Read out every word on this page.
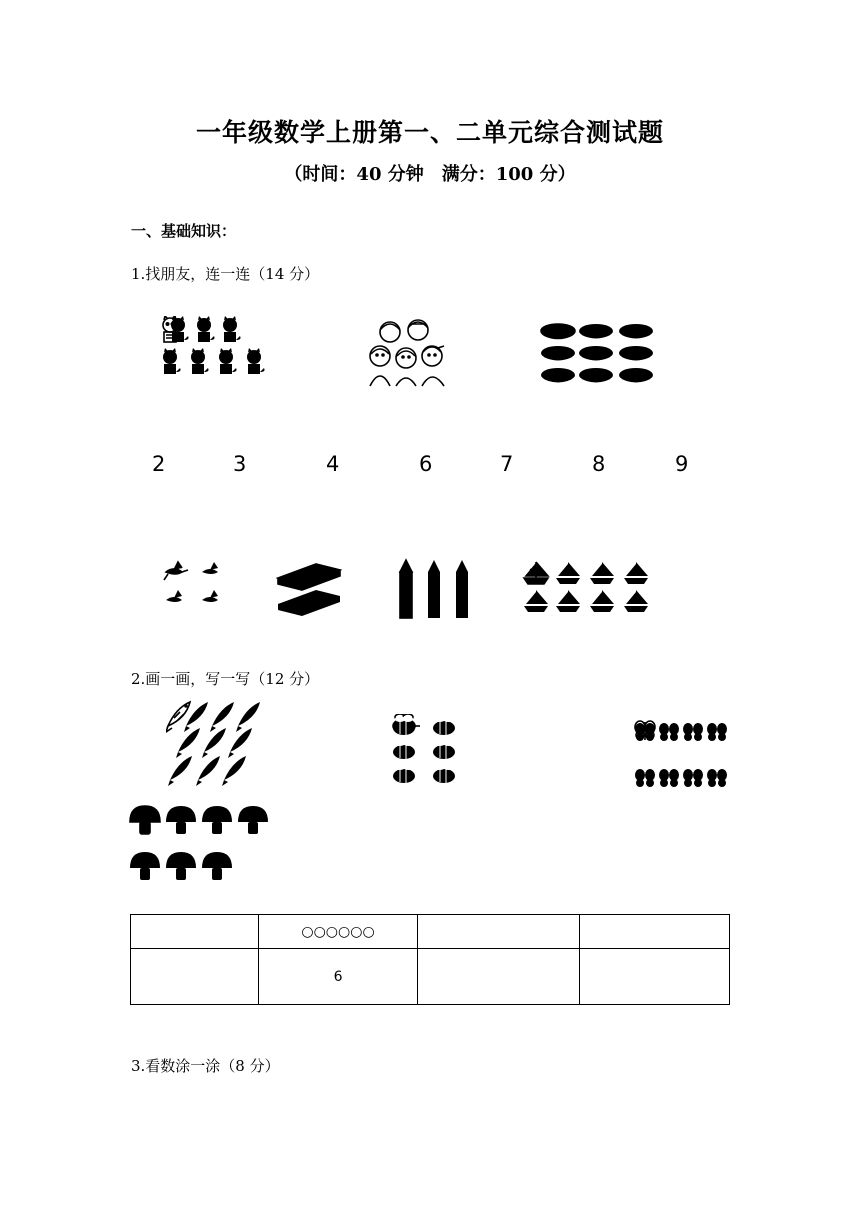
一年级数学上册第一、二单元综合测试题
（时间：40 分钟　满分：100 分）
一、基础知识：
1.找朋友，连一连（14 分）
2	3	4	6	7	8	9
2.画一画，写一写（12 分）
	○○○○○○		
	6		
3.看数涂一涂（8 分）
